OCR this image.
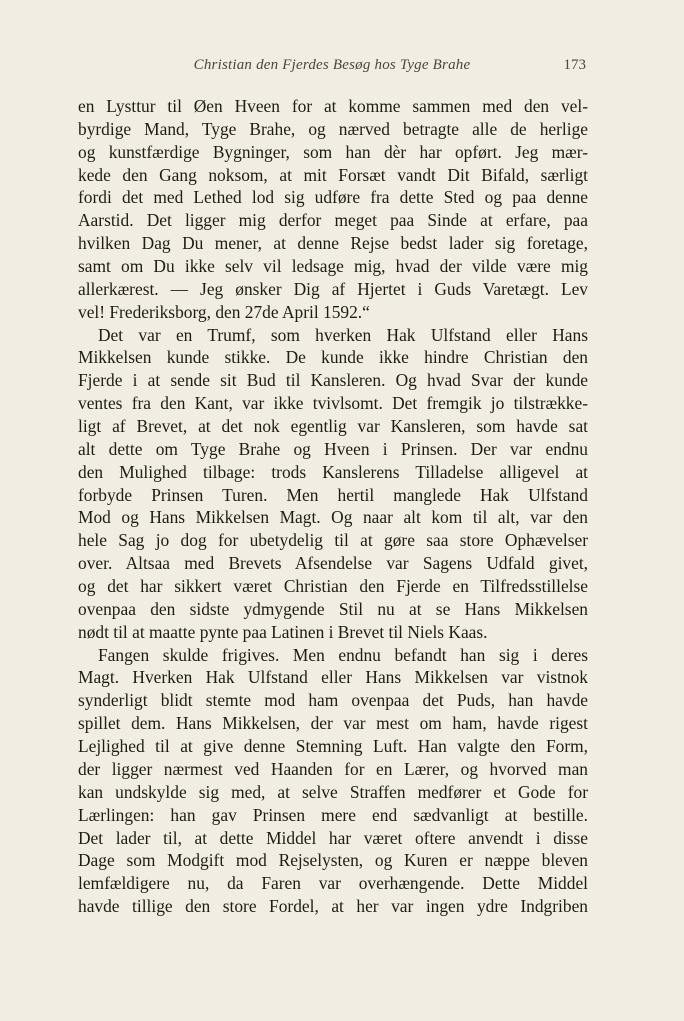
Christian den Fjerdes Besøg hos Tyge Brahe	173
en Lysttur til Øen Hveen for at komme sammen med den vel-
byrdige Mand, Tyge Brahe, og nærved betragte alle de herlige
og kunstfærdige Bygninger, som han dèr har opført. Jeg mær-
kede den Gang noksom, at mit Forsæt vandt Dit Bifald, særligt
fordi det med Lethed lod sig udføre fra dette Sted og paa denne
Aarstid. Det ligger mig derfor meget paa Sinde at erfare, paa
hvilken Dag Du mener, at denne Rejse bedst lader sig foretage,
samt om Du ikke selv vil ledsage mig, hvad der vilde være mig
allerkærest. — Jeg ønsker Dig af Hjertet i Guds Varetægt. Lev
vel! Frederiksborg, den 27de April 1592.“
Det var en Trumf, som hverken Hak Ulfstand eller Hans
Mikkelsen kunde stikke. De kunde ikke hindre Christian den
Fjerde i at sende sit Bud til Kansleren. Og hvad Svar der kunde
ventes fra den Kant, var ikke tvivlsomt. Det fremgik jo tilstrække-
ligt af Brevet, at det nok egentlig var Kansleren, som havde sat
alt dette om Tyge Brahe og Hveen i Prinsen. Der var endnu
den Mulighed tilbage: trods Kanslerens Tilladelse alligevel at
forbyde Prinsen Turen. Men hertil manglede Hak Ulfstand
Mod og Hans Mikkelsen Magt. Og naar alt kom til alt, var den
hele Sag jo dog for ubetydelig til at gøre saa store Ophævelser
over. Altsaa med Brevets Afsendelse var Sagens Udfald givet,
og det har sikkert været Christian den Fjerde en Tilfredsstillelse
ovenpaa den sidste ydmygende Stil nu at se Hans Mikkelsen
nødt til at maatte pynte paa Latinen i Brevet til Niels Kaas.
Fangen skulde frigives. Men endnu befandt han sig i deres
Magt. Hverken Hak Ulfstand eller Hans Mikkelsen var vistnok
synderligt blidt stemte mod ham ovenpaa det Puds, han havde
spillet dem. Hans Mikkelsen, der var mest om ham, havde rigest
Lejlighed til at give denne Stemning Luft. Han valgte den Form,
der ligger nærmest ved Haanden for en Lærer, og hvorved man
kan undskylde sig med, at selve Straffen medfører et Gode for
Lærlingen: han gav Prinsen mere end sædvanligt at bestille.
Det lader til, at dette Middel har været oftere anvendt i disse
Dage som Modgift mod Rejselysten, og Kuren er næppe bleven
lemfældigere nu, da Faren var overhængende. Dette Middel
havde tillige den store Fordel, at her var ingen ydre Indgriben
